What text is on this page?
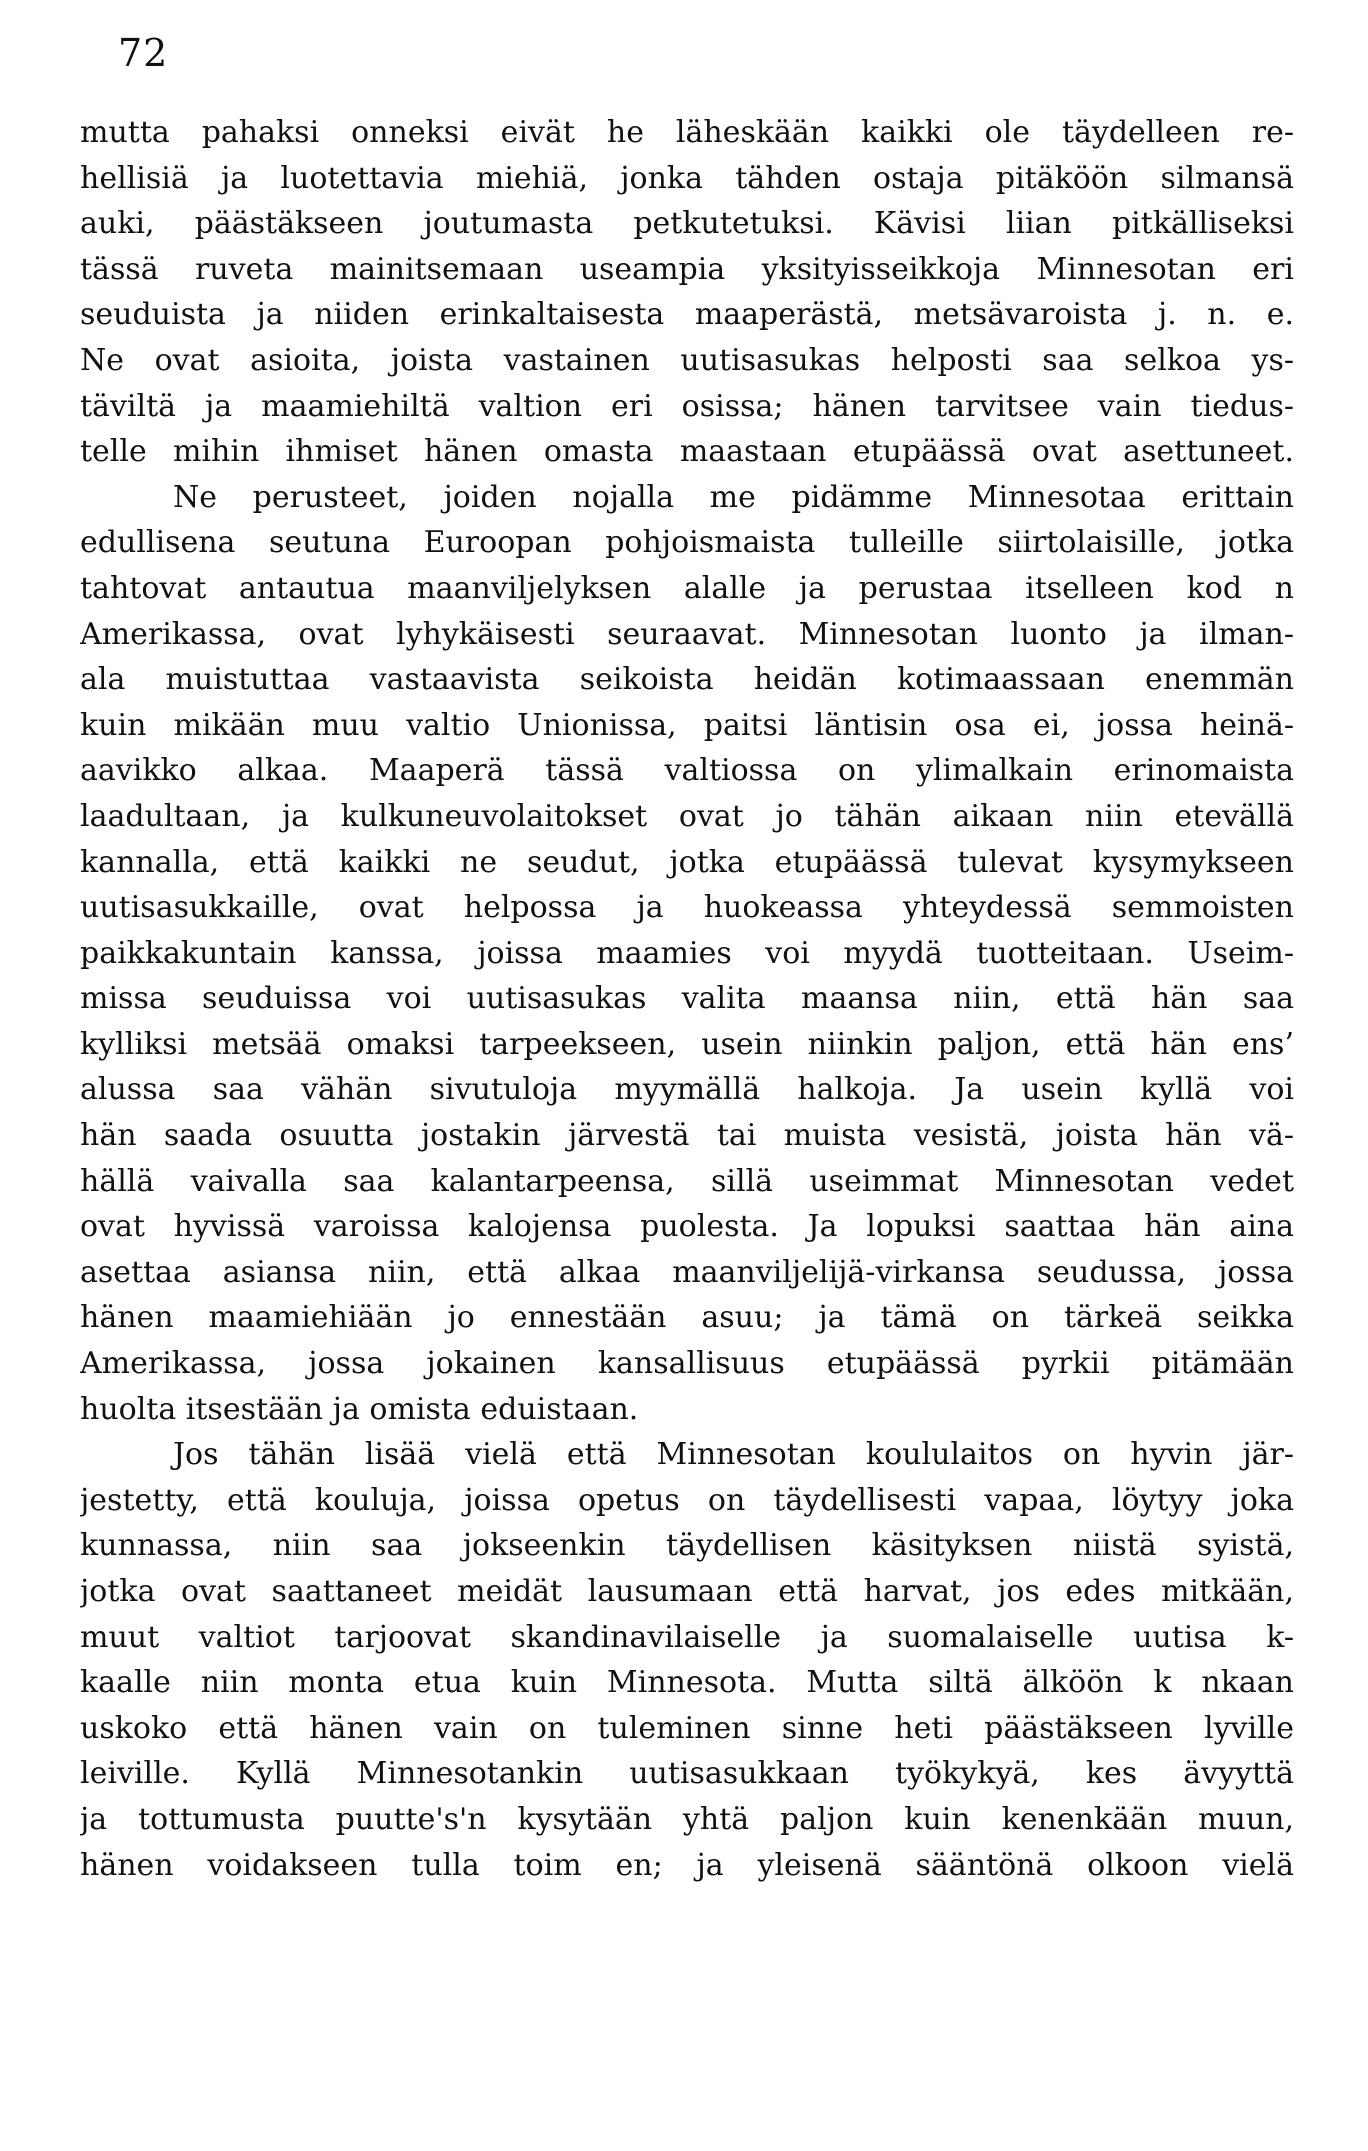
72
mutta pahaksi onneksi eivät he läheskään kaikki ole täydelleen re-
hellisiä ja luotettavia miehiä, jonka tähden ostaja pitäköön silmansä
auki, päästäkseen joutumasta petkutetuksi. Kävisi liian pitkälliseksi
tässä ruveta mainitsemaan useampia yksityisseikkoja Minnesotan eri
seuduista ja niiden erinkaltaisesta maaperästä, metsävaroista j. n. e.
Ne ovat asioita, joista vastainen uutisasukas helposti saa selkoa ys-
täviltä ja maamiehiltä valtion eri osissa; hänen tarvitsee vain tiedus-
telle mihin ihmiset hänen omasta maastaan etupäässä ovat asettuneet.
Ne perusteet, joiden nojalla me pidämme Minnesotaa erittain
edullisena seutuna Euroopan pohjoismaista tulleille siirtolaisille, jotka
tahtovat antautua maanviljelyksen alalle ja perustaa itselleen kod n
Amerikassa, ovat lyhykäisesti seuraavat. Minnesotan luonto ja ilman-
ala muistuttaa vastaavista seikoista heidän kotimaassaan enemmän
kuin mikään muu valtio Unionissa, paitsi läntisin osa ei, jossa heinä-
aavikko alkaa. Maaperä tässä valtiossa on ylimalkain erinomaista
laadultaan, ja kulkuneuvolaitokset ovat jo tähän aikaan niin etevällä
kannalla, että kaikki ne seudut, jotka etupäässä tulevat kysymykseen
uutisasukkaille, ovat helpossa ja huokeassa yhteydessä semmoisten
paikkakuntain kanssa, joissa maamies voi myydä tuotteitaan. Useim-
missa seuduissa voi uutisasukas valita maansa niin, että hän saa
kylliksi metsää omaksi tarpeekseen, usein niinkin paljon, että hän ens’
alussa saa vähän sivutuloja myymällä halkoja. Ja usein kyllä voi
hän saada osuutta jostakin järvestä tai muista vesistä, joista hän vä-
hällä vaivalla saa kalantarpeensa, sillä useimmat Minnesotan vedet
ovat hyvissä varoissa kalojensa puolesta. Ja lopuksi saattaa hän aina
asettaa asiansa niin, että alkaa maanviljelijä-virkansa seudussa, jossa
hänen maamiehiään jo ennestään asuu; ja tämä on tärkeä seikka
Amerikassa, jossa jokainen kansallisuus etupäässä pyrkii pitämään
huolta itsestään ja omista eduistaan.
Jos tähän lisää vielä että Minnesotan koululaitos on hyvin jär-
jestetty, että kouluja, joissa opetus on täydellisesti vapaa, löytyy joka
kunnassa, niin saa jokseenkin täydellisen käsityksen niistä syistä,
jotka ovat saattaneet meidät lausumaan että harvat, jos edes mitkään,
muut valtiot tarjoovat skandinavilaiselle ja suomalaiselle uutisa k-
kaalle niin monta etua kuin Minnesota. Mutta siltä älköön k nkaan
uskoko että hänen vain on tuleminen sinne heti päästäkseen lyville
leiville. Kyllä Minnesotankin uutisasukkaan työkykyä, kes ävyyttä
ja tottumusta puutte's'n kysytään yhtä paljon kuin kenenkään muun,
hänen voidakseen tulla toim en; ja yleisenä sääntönä olkoon vielä
